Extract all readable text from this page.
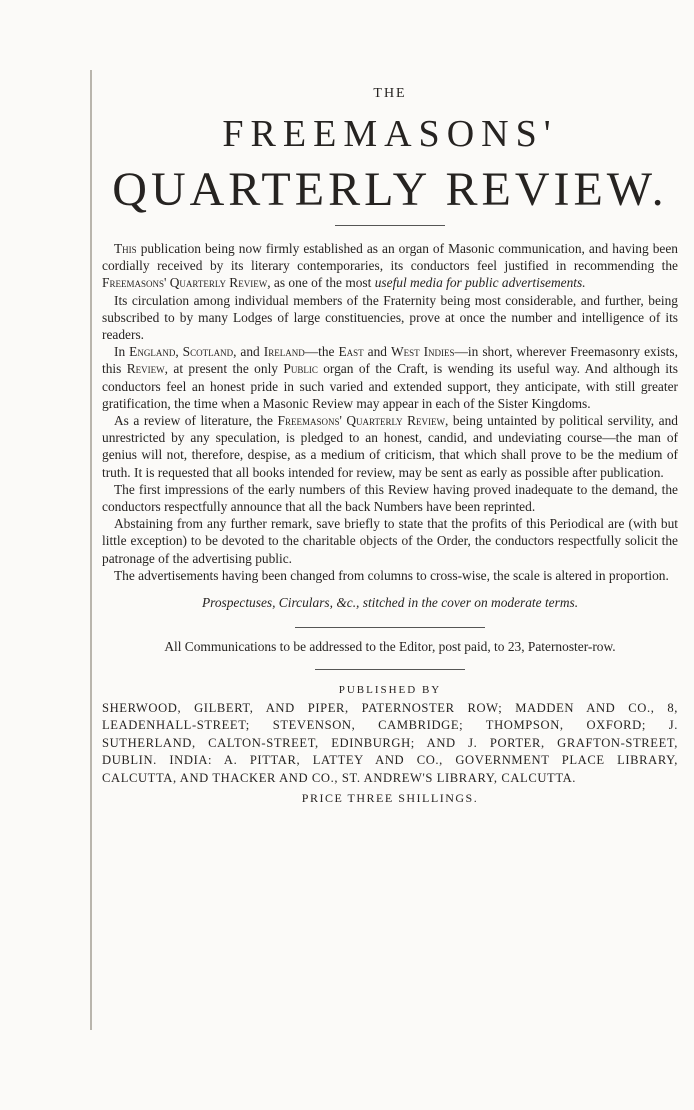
THE
FREEMASONS'
QUARTERLY REVIEW.

This publication being now firmly established as an organ of Masonic communication, and having been cordially received by its literary contemporaries, its conductors feel justified in recommending the Freemasons' Quarterly Review, as one of the most useful media for public advertisements.

Its circulation among individual members of the Fraternity being most considerable, and further, being subscribed to by many Lodges of large constituencies, prove at once the number and intelligence of its readers.

In England, Scotland, and Ireland—the East and West Indies—in short, wherever Freemasonry exists, this Review, at present the only Public organ of the Craft, is wending its useful way. And although its conductors feel an honest pride in such varied and extended support, they anticipate, with still greater gratification, the time when a Masonic Review may appear in each of the Sister Kingdoms.

As a review of literature, the Freemasons' Quarterly Review, being untainted by political servility, and unrestricted by any speculation, is pledged to an honest, candid, and undeviating course—the man of genius will not, therefore, despise, as a medium of criticism, that which shall prove to be the medium of truth. It is requested that all books intended for review, may be sent as early as possible after publication.

The first impressions of the early numbers of this Review having proved inadequate to the demand, the conductors respectfully announce that all the back Numbers have been reprinted.

Abstaining from any further remark, save briefly to state that the profits of this Periodical are (with but little exception) to be devoted to the charitable objects of the Order, the conductors respectfully solicit the patronage of the advertising public.

The advertisements having been changed from columns to cross-wise, the scale is altered in proportion.

Prospectuses, Circulars, &c., stitched in the cover on moderate terms.
All Communications to be addressed to the Editor, post paid, to 23, Paternoster-row.
PUBLISHED BY

SHERWOOD, GILBERT, AND PIPER, PATERNOSTER ROW; MADDEN AND CO., 8, LEADENHALL-STREET; STEVENSON, CAMBRIDGE; THOMPSON, OXFORD; J. SUTHERLAND, CALTON-STREET, EDINBURGH; AND J. PORTER, GRAFTON-STREET, DUBLIN. INDIA: A. PITTAR, LATTEY AND CO., GOVERNMENT PLACE LIBRARY, CALCUTTA, AND THACKER AND CO., ST. ANDREW'S LIBRARY, CALCUTTA.

PRICE THREE SHILLINGS.
